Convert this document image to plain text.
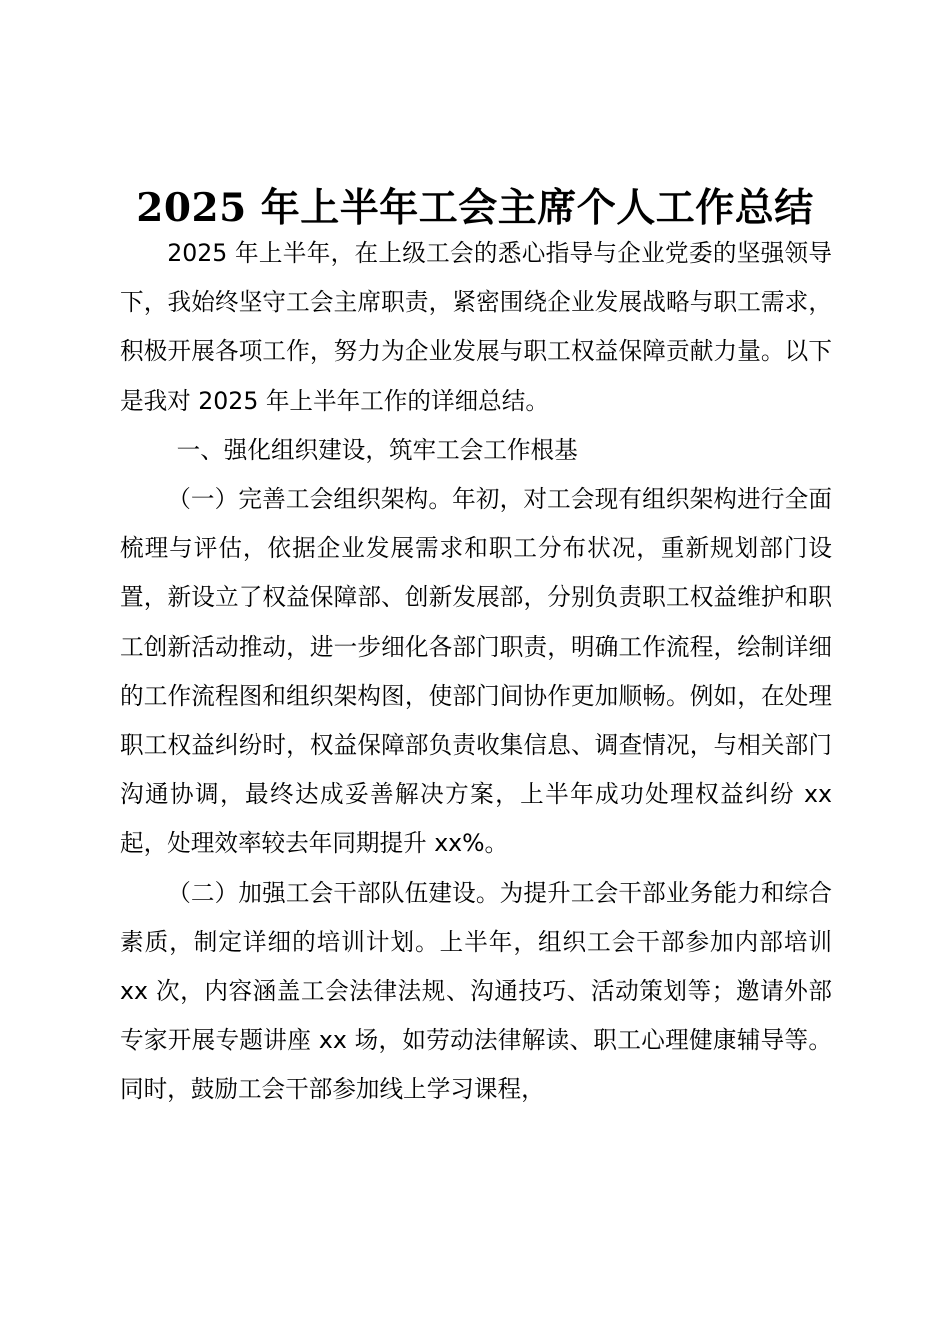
2025 年上半年工会主席个人工作总结

2025 年上半年，在上级工会的悉心指导与企业党委的坚强领导下，我始终坚守工会主席职责，紧密围绕企业发展战略与职工需求，积极开展各项工作，努力为企业发展与职工权益保障贡献力量。以下是我对 2025 年上半年工作的详细总结。

一、强化组织建设，筑牢工会工作根基

（一）完善工会组织架构。年初，对工会现有组织架构进行全面梳理与评估，依据企业发展需求和职工分布状况，重新规划部门设置，新设立了权益保障部、创新发展部，分别负责职工权益维护和职工创新活动推动，进一步细化各部门职责，明确工作流程，绘制详细的工作流程图和组织架构图，使部门间协作更加顺畅。例如，在处理职工权益纠纷时，权益保障部负责收集信息、调查情况，与相关部门沟通协调，最终达成妥善解决方案，上半年成功处理权益纠纷 xx 起，处理效率较去年同期提升 xx%。

（二）加强工会干部队伍建设。为提升工会干部业务能力和综合素质，制定详细的培训计划。上半年，组织工会干部参加内部培训 xx 次，内容涵盖工会法律法规、沟通技巧、活动策划等；邀请外部专家开展专题讲座 xx 场，如劳动法律解读、职工心理健康辅导等。同时，鼓励工会干部参加线上学习课程，
